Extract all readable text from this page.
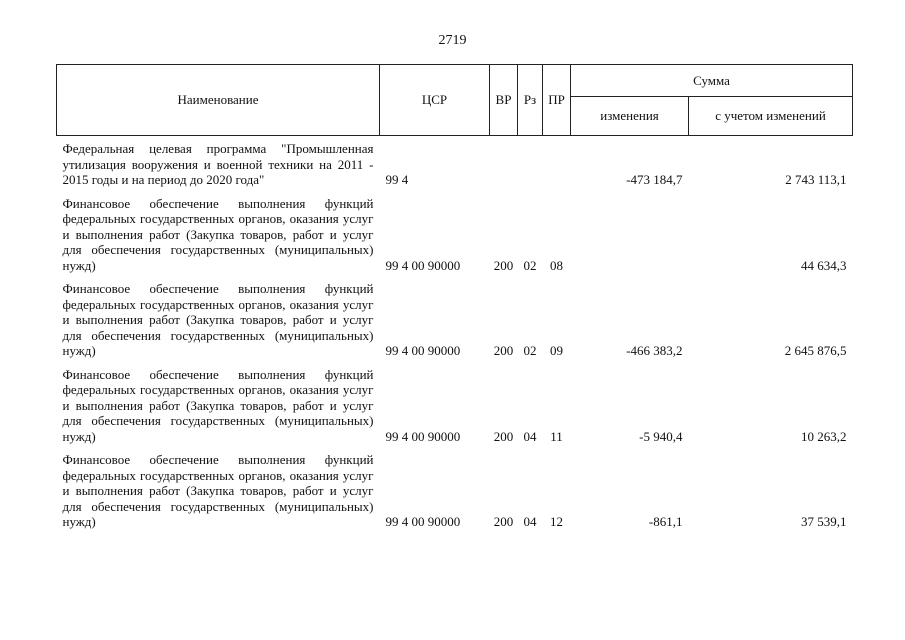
2719
Наименование	ЦСР	ВР	Рз	ПР	Сумма	
					изменения	с учетом изменений
Федеральная целевая программа "Промышленная утилизация вооружения и военной техники на 2011 - 2015 годы и на период до 2020 года"	99 4				-473 184,7	2 743 113,1
Финансовое обеспечение выполнения функций федеральных государственных органов, оказания услуг и выполнения работ (Закупка товаров, работ и услуг для обеспечения государственных (муниципальных) нужд)	99 4 00 90000	200	02	08		44 634,3
Финансовое обеспечение выполнения функций федеральных государственных органов, оказания услуг и выполнения работ (Закупка товаров, работ и услуг для обеспечения государственных (муниципальных) нужд)	99 4 00 90000	200	02	09	-466 383,2	2 645 876,5
Финансовое обеспечение выполнения функций федеральных государственных органов, оказания услуг и выполнения работ (Закупка товаров, работ и услуг для обеспечения государственных (муниципальных) нужд)	99 4 00 90000	200	04	11	-5 940,4	10 263,2
Финансовое обеспечение выполнения функций федеральных государственных органов, оказания услуг и выполнения работ (Закупка товаров, работ и услуг для обеспечения государственных (муниципальных) нужд)	99 4 00 90000	200	04	12	-861,1	37 539,1
